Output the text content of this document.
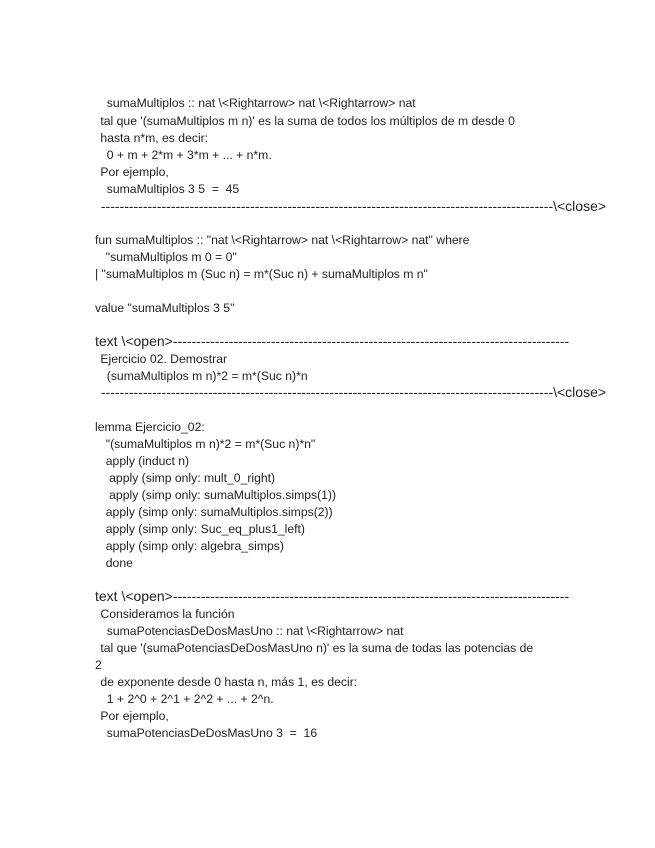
sumaMultiplos :: nat \<Rightarrow> nat \<Rightarrow> nat
tal que '(sumaMultiplos m n)' es la suma de todos los múltiplos de m desde 0
hasta n*m, es decir:
0 + m + 2*m + 3*m + ... + n*m.
Por ejemplo,
sumaMultiplos 3 5  =  45
-------------------------------------------------------------------------------------------------\<close>
fun sumaMultiplos :: "nat \<Rightarrow> nat \<Rightarrow> nat" where
"sumaMultiplos m 0 = 0"
| "sumaMultiplos m (Suc n) = m*(Suc n) + sumaMultiplos m n"
value "sumaMultiplos 3 5"
text \<open>-------------------------------------------------------------------------------------
Ejercicio 02. Demostrar
(sumaMultiplos m n)*2 = m*(Suc n)*n
-------------------------------------------------------------------------------------------------\<close>
lemma Ejercicio_02:
"(sumaMultiplos m n)*2 = m*(Suc n)*n"
apply (induct n)
apply (simp only: mult_0_right)
apply (simp only: sumaMultiplos.simps(1))
apply (simp only: sumaMultiplos.simps(2))
apply (simp only: Suc_eq_plus1_left)
apply (simp only: algebra_simps)
done
text \<open>-------------------------------------------------------------------------------------
Consideramos la función
sumaPotenciasDeDosMasUno :: nat \<Rightarrow> nat
tal que '(sumaPotenciasDeDosMasUno n)' es la suma de todas las potencias de
2
de exponente desde 0 hasta n, más 1, es decir:
1 + 2^0 + 2^1 + 2^2 + ... + 2^n.
Por ejemplo,
sumaPotenciasDeDosMasUno 3  =  16
